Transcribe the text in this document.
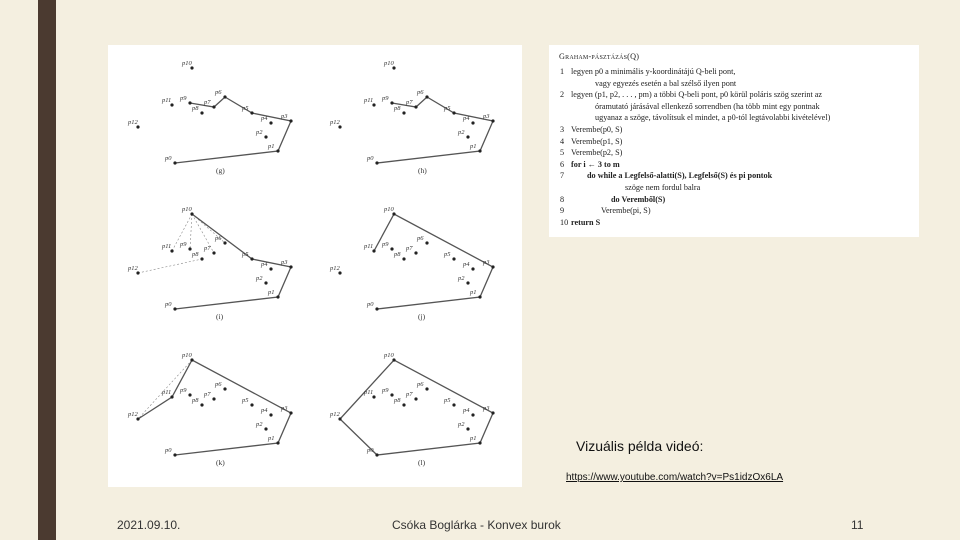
p0
p1
p2
p3
p4
p5
p6
p7
p8
p9
p10
p11
p12
(g)
p0
p1
p2
p3
p4
p5
p6
p7
p8
p9
p10
p11
p12
(h)
p0
p1
p2
p3
p4
p5
p6
p7
p8
p9
p10
p11
p12
(i)
p0
p1
p2
p3
p4
p5
p6
p7
p8
p9
p10
p11
p12
(j)
p0
p1
p2
p3
p4
p5
p6
p7
p8
p9
p10
p11
p12
(k)
p0
p1
p2
p3
p4
p5
p6
p7
p8
p9
p10
p11
p12
(l)
Graham-pásztázás(Q)
1 legyen p0 a minimális y-koordinátájú Q-beli pont,
vagy egyezés esetén a bal szélső ilyen pont
2 legyen (p1, p2, . . . , pm) a többi Q-beli pont, p0 körül poláris szög szerint az
óramutató járásával ellenkező sorrendben (ha több mint egy pontnak
ugyanaz a szöge, távolítsuk el mindet, a p0-tól legtávolabbi kivételével)
3 Verembe(p0, S)
4 Verembe(p1, S)
5 Verembe(p2, S)
6 for i ← 3 to m
7	do while a Legfelső-alatti(S), Legfelső(S) és pi pontok
szöge nem fordul balra
8	do Veremből(S)
9	Verembe(pi, S)
10 return S
Vizuális példa videó:
https://www.youtube.com/watch?v=Ps1idzOx6LA
2021.09.10.	Csóka Boglárka - Konvex burok	11
